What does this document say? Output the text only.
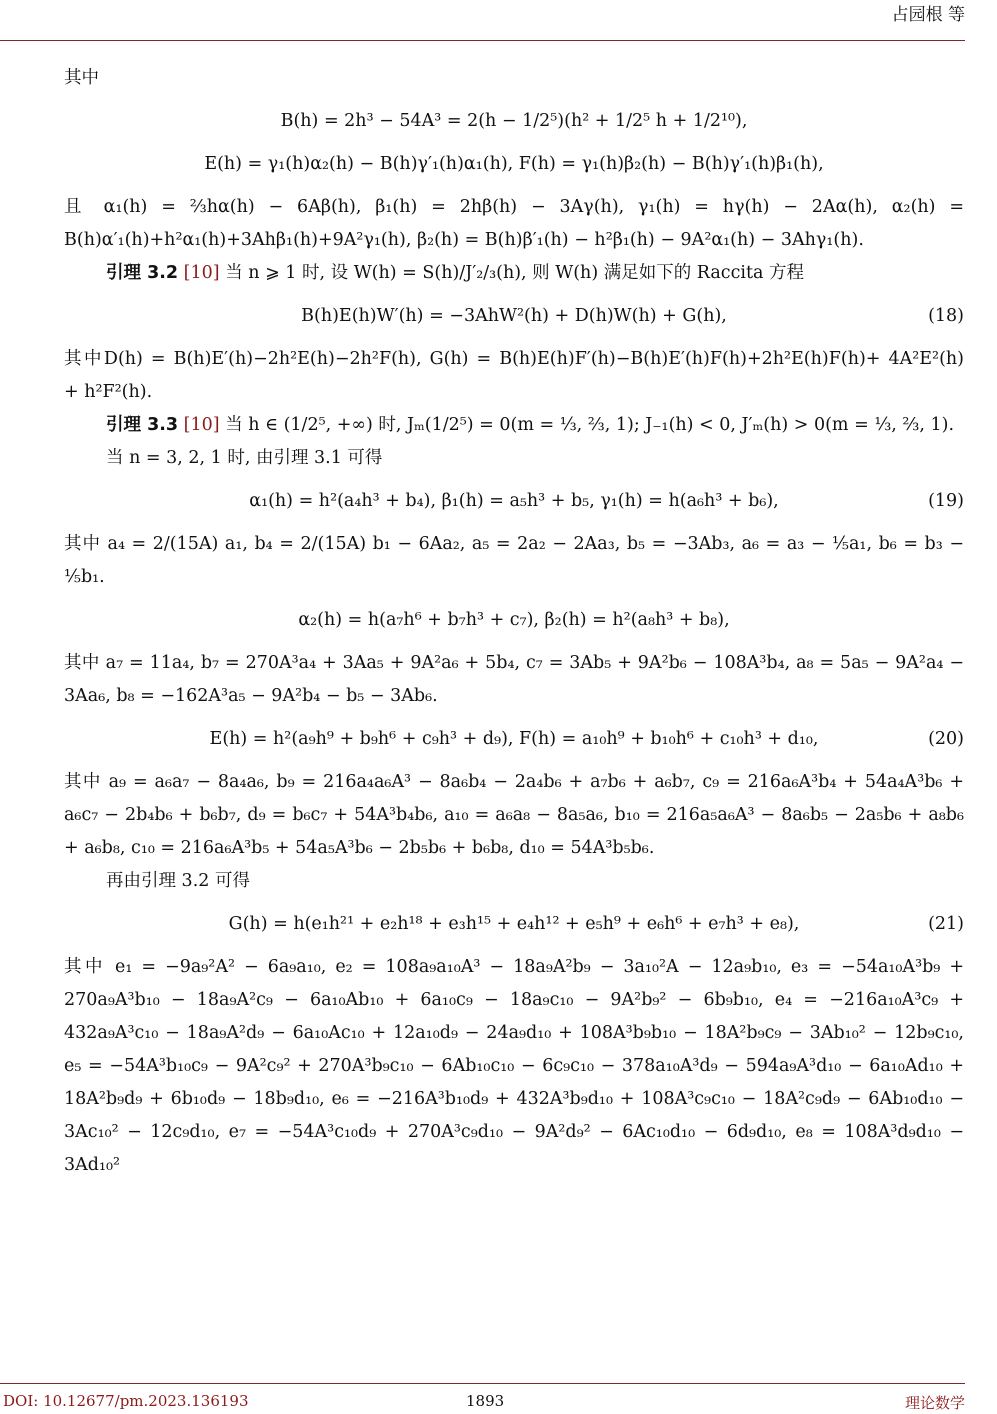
占园根 等

其中

B(h) = 2h³ − 54A³ = 2(h − 1/2⁵)(h² + 1/2⁵ h + 1/2¹⁰),
E(h) = γ₁(h)α₂(h) − B(h)γ′₁(h)α₁(h), F(h) = γ₁(h)β₂(h) − B(h)γ′₁(h)β₁(h),

且 α₁(h) = ⅔hα(h) − 6Aβ(h), β₁(h) = 2hβ(h) − 3Aγ(h), γ₁(h) = hγ(h) − 2Aα(h), α₂(h) = B(h)α′₁(h)+h²α₁(h)+3Ahβ₁(h)+9A²γ₁(h), β₂(h) = B(h)β′₁(h) − h²β₁(h) − 9A²α₁(h) − 3Ahγ₁(h).

引理 3.2 [10] 当 n ⩾ 1 时, 设 W(h) = S(h)/J′₂/₃(h), 则 W(h) 满足如下的 Raccita 方程

B(h)E(h)W′(h) = −3AhW²(h) + D(h)W(h) + G(h),	(18)

其中D(h) = B(h)E′(h)−2h²E(h)−2h²F(h), G(h) = B(h)E(h)F′(h)−B(h)E′(h)F(h)+2h²E(h)F(h)+ 4A²E²(h) + h²F²(h).

引理 3.3 [10] 当 h ∈ (1/2⁵, +∞) 时, Jₘ(1/2⁵) = 0(m = ⅓, ⅔, 1); J₋₁(h) < 0, J′ₘ(h) > 0(m = ⅓, ⅔, 1).

当 n = 3, 2, 1 时, 由引理 3.1 可得

α₁(h) = h²(a₄h³ + b₄), β₁(h) = a₅h³ + b₅, γ₁(h) = h(a₆h³ + b₆),	(19)

其中 a₄ = 2/(15A) a₁, b₄ = 2/(15A) b₁ − 6Aa₂, a₅ = 2a₂ − 2Aa₃, b₅ = −3Ab₃, a₆ = a₃ − ⅕a₁, b₆ = b₃ − ⅕b₁.

α₂(h) = h(a₇h⁶ + b₇h³ + c₇), β₂(h) = h²(a₈h³ + b₈),

其中 a₇ = 11a₄, b₇ = 270A³a₄ + 3Aa₅ + 9A²a₆ + 5b₄, c₇ = 3Ab₅ + 9A²b₆ − 108A³b₄, a₈ = 5a₅ − 9A²a₄ − 3Aa₆, b₈ = −162A³a₅ − 9A²b₄ − b₅ − 3Ab₆.

E(h) = h²(a₉h⁹ + b₉h⁶ + c₉h³ + d₉), F(h) = a₁₀h⁹ + b₁₀h⁶ + c₁₀h³ + d₁₀,	(20)

其中 a₉ = a₆a₇ − 8a₄a₆, b₉ = 216a₄a₆A³ − 8a₆b₄ − 2a₄b₆ + a₇b₆ + a₆b₇, c₉ = 216a₆A³b₄ + 54a₄A³b₆ + a₆c₇ − 2b₄b₆ + b₆b₇, d₉ = b₆c₇ + 54A³b₄b₆, a₁₀ = a₆a₈ − 8a₅a₆, b₁₀ = 216a₅a₆A³ − 8a₆b₅ − 2a₅b₆ + a₈b₆ + a₆b₈, c₁₀ = 216a₆A³b₅ + 54a₅A³b₆ − 2b₅b₆ + b₆b₈, d₁₀ = 54A³b₅b₆.

再由引理 3.2 可得

G(h) = h(e₁h²¹ + e₂h¹⁸ + e₃h¹⁵ + e₄h¹² + e₅h⁹ + e₆h⁶ + e₇h³ + e₈),	(21)

其中 e₁ = −9a₉²A² − 6a₉a₁₀, e₂ = 108a₉a₁₀A³ − 18a₉A²b₉ − 3a₁₀²A − 12a₉b₁₀, e₃ = −54a₁₀A³b₉ + 270a₉A³b₁₀ − 18a₉A²c₉ − 6a₁₀Ab₁₀ + 6a₁₀c₉ − 18a₉c₁₀ − 9A²b₉² − 6b₉b₁₀, e₄ = −216a₁₀A³c₉ + 432a₉A³c₁₀ − 18a₉A²d₉ − 6a₁₀Ac₁₀ + 12a₁₀d₉ − 24a₉d₁₀ + 108A³b₉b₁₀ − 18A²b₉c₉ − 3Ab₁₀² − 12b₉c₁₀, e₅ = −54A³b₁₀c₉ − 9A²c₉² + 270A³b₉c₁₀ − 6Ab₁₀c₁₀ − 6c₉c₁₀ − 378a₁₀A³d₉ − 594a₉A³d₁₀ − 6a₁₀Ad₁₀ + 18A²b₉d₉ + 6b₁₀d₉ − 18b₉d₁₀, e₆ = −216A³b₁₀d₉ + 432A³b₉d₁₀ + 108A³c₉c₁₀ − 18A²c₉d₉ − 6Ab₁₀d₁₀ − 3Ac₁₀² − 12c₉d₁₀, e₇ = −54A³c₁₀d₉ + 270A³c₉d₁₀ − 9A²d₉² − 6Ac₁₀d₁₀ − 6d₉d₁₀, e₈ = 108A³d₉d₁₀ − 3Ad₁₀²

DOI: 10.12677/pm.2023.136193	1893	理论数学
